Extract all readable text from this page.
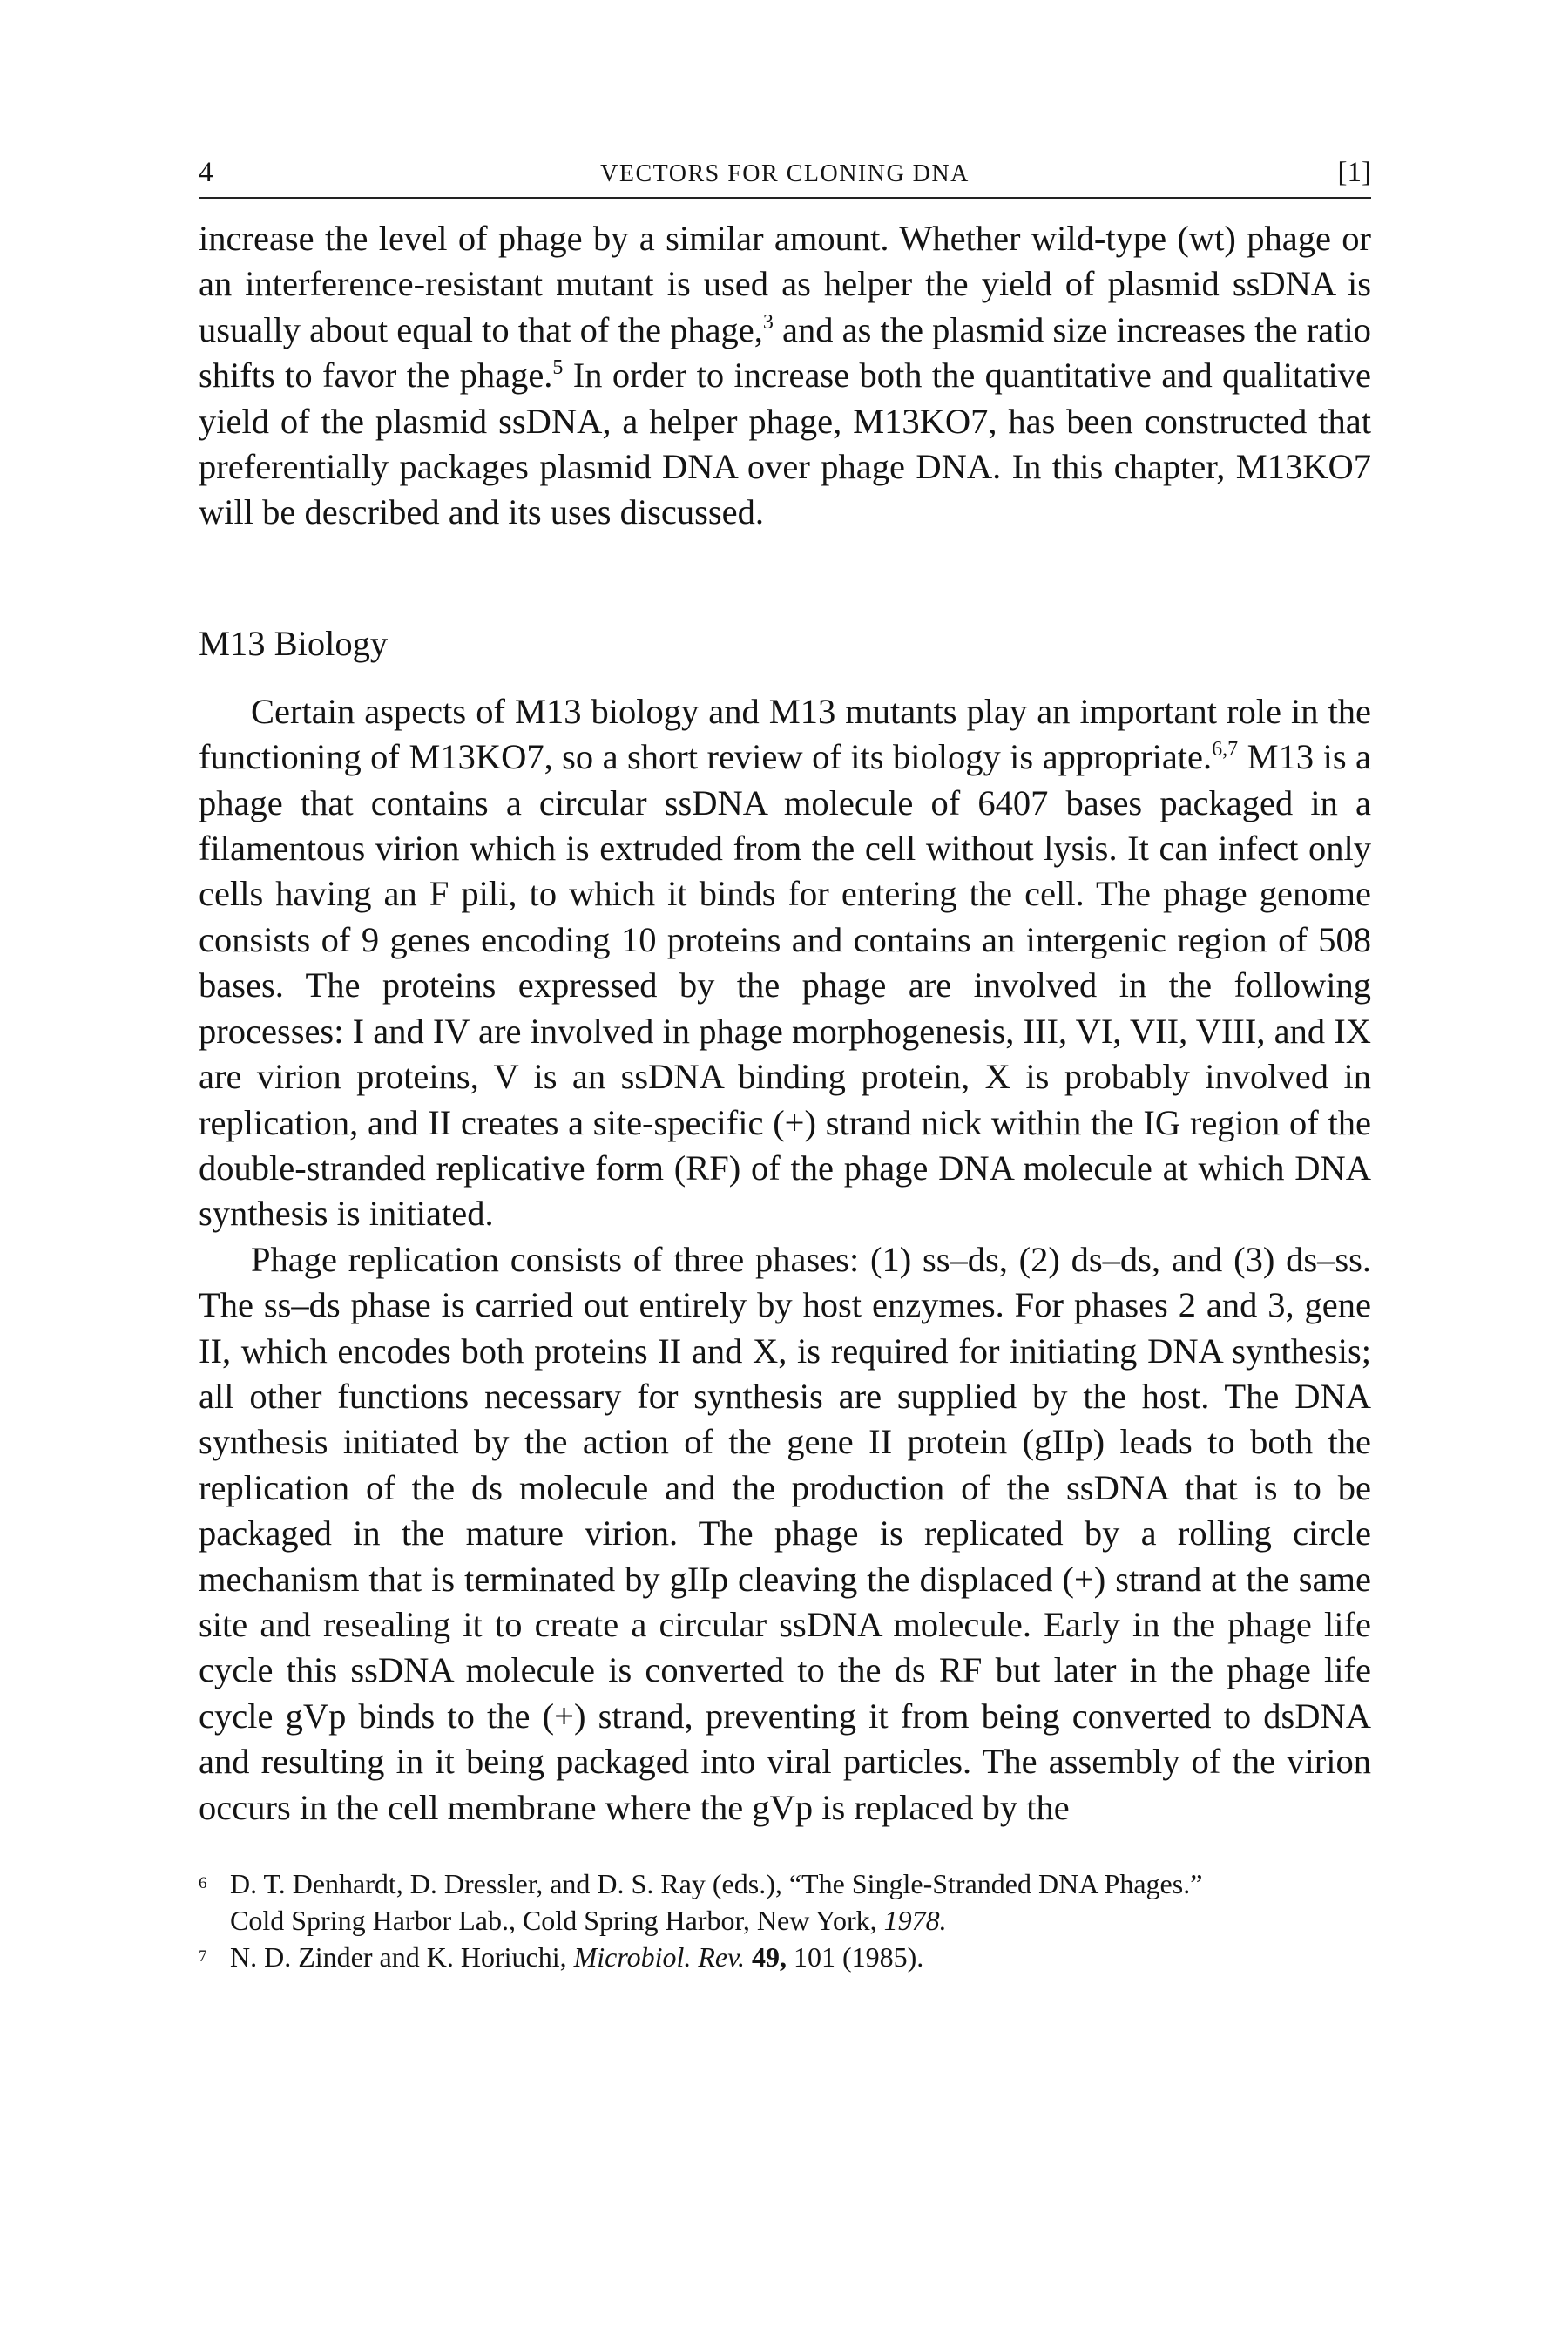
4	VECTORS FOR CLONING DNA	[1]

increase the level of phage by a similar amount. Whether wild-type (wt) phage or an interference-resistant mutant is used as helper the yield of plasmid ssDNA is usually about equal to that of the phage,$^3$ and as the plasmid size increases the ratio shifts to favor the phage.$^5$ In order to increase both the quantitative and qualitative yield of the plasmid ssDNA, a helper phage, M13KO7, has been constructed that preferentially packages plasmid DNA over phage DNA. In this chapter, M13KO7 will be described and its uses discussed.

M13 Biology

Certain aspects of M13 biology and M13 mutants play an important role in the functioning of M13KO7, so a short review of its biology is appropriate.$^{6,7}$ M13 is a phage that contains a circular ssDNA molecule of 6407 bases packaged in a filamentous virion which is extruded from the cell without lysis. It can infect only cells having an F pili, to which it binds for entering the cell. The phage genome consists of 9 genes encoding 10 proteins and contains an intergenic region of 508 bases. The proteins expressed by the phage are involved in the following processes: I and IV are involved in phage morphogenesis, III, VI, VII, VIII, and IX are virion proteins, V is an ssDNA binding protein, X is probably involved in replication, and II creates a site-specific (+) strand nick within the IG region of the double-stranded replicative form (RF) of the phage DNA molecule at which DNA synthesis is initiated.

Phage replication consists of three phases: (1) ss–ds, (2) ds–ds, and (3) ds–ss. The ss–ds phase is carried out entirely by host enzymes. For phases 2 and 3, gene II, which encodes both proteins II and X, is required for initiating DNA synthesis; all other functions necessary for synthesis are supplied by the host. The DNA synthesis initiated by the action of the gene II protein (gIIp) leads to both the replication of the ds molecule and the production of the ssDNA that is to be packaged in the mature virion. The phage is replicated by a rolling circle mechanism that is terminated by gIIp cleaving the displaced (+) strand at the same site and resealing it to create a circular ssDNA molecule. Early in the phage life cycle this ssDNA molecule is converted to the ds RF but later in the phage life cycle gVp binds to the (+) strand, preventing it from being converted to dsDNA and resulting in it being packaged into viral particles. The assembly of the virion occurs in the cell membrane where the gVp is replaced by the

6 D. T. Denhardt, D. Dressler, and D. S. Ray (eds.), “The Single-Stranded DNA Phages.”
Cold Spring Harbor Lab., Cold Spring Harbor, New York, 1978.
7 N. D. Zinder and K. Horiuchi, Microbiol. Rev. 49, 101 (1985).
